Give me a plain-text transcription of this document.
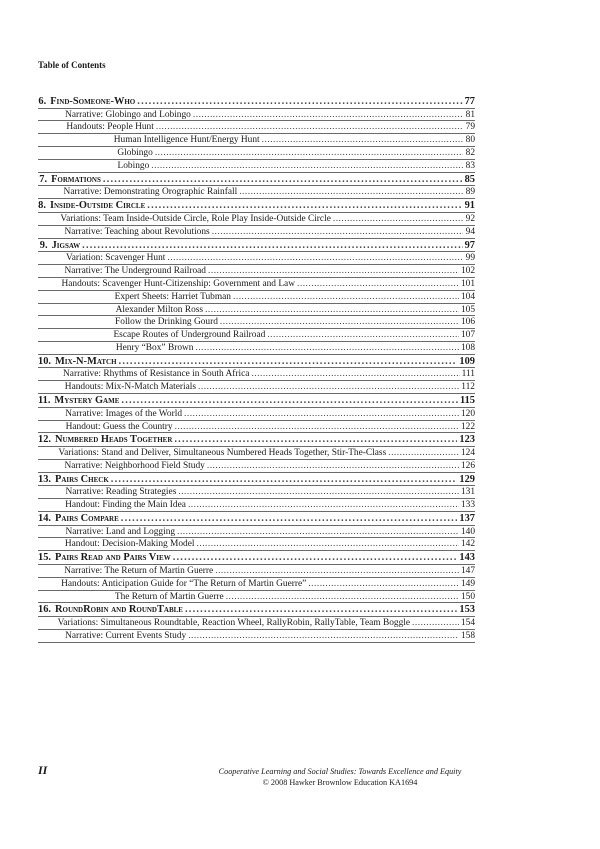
Table of Contents
6. Find-Someone-Who .....	77
Narrative: Globingo and Lobingo .....	81
Handouts: People Hunt .....	79
Human Intelligence Hunt/Energy Hunt .....	80
Globingo .....	82
Lobingo .....	83
7. Formations .....	85
Narrative: Demonstrating Orographic Rainfall .....	89
8. Inside-Outside Circle .....	91
Variations: Team Inside-Outside Circle, Role Play Inside-Outside Circle .....	92
Narrative: Teaching about Revolutions .....	94
9. Jigsaw .....	97
Variation: Scavenger Hunt .....	99
Narrative: The Underground Railroad .....	102
Handouts: Scavenger Hunt-Citizenship: Government and Law .....	101
Expert Sheets: Harriet Tubman .....	104
Alexander Milton Ross .....	105
Follow the Drinking Gourd .....	106
Escape Routes of Underground Railroad .....	107
Henry “Box” Brown .....	108
10. Mix-N-Match .....	109
Narrative: Rhythms of Resistance in South Africa .....	111
Handouts: Mix-N-Match Materials .....	112
11. Mystery Game .....	115
Narrative: Images of the World .....	120
Handout: Guess the Country .....	122
12. Numbered Heads Together .....	123
Variations: Stand and Deliver, Simultaneous Numbered Heads Together, Stir-The-Class .....	124
Narrative: Neighborhood Field Study .....	126
13. Pairs Check .....	129
Narrative: Reading Strategies .....	131
Handout: Finding the Main Idea .....	133
14. Pairs Compare .....	137
Narrative: Land and Logging .....	140
Handout: Decision-Making Model .....	142
15. Pairs Read and Pairs View .....	143
Narrative: The Return of Martin Guerre .....	147
Handouts: Anticipation Guide for “The Return of Martin Guerre” .....	149
The Return of Martin Guerre .....	150
16. RoundRobin and RoundTable .....	153
Variations: Simultaneous Roundtable, Reaction Wheel, RallyRobin, RallyTable, Team Boggle .....	154
Narrative: Current Events Study .....	158
II	Cooperative Learning and Social Studies: Towards Excellence and Equity
© 2008 Hawker Brownlow Education KA1694
